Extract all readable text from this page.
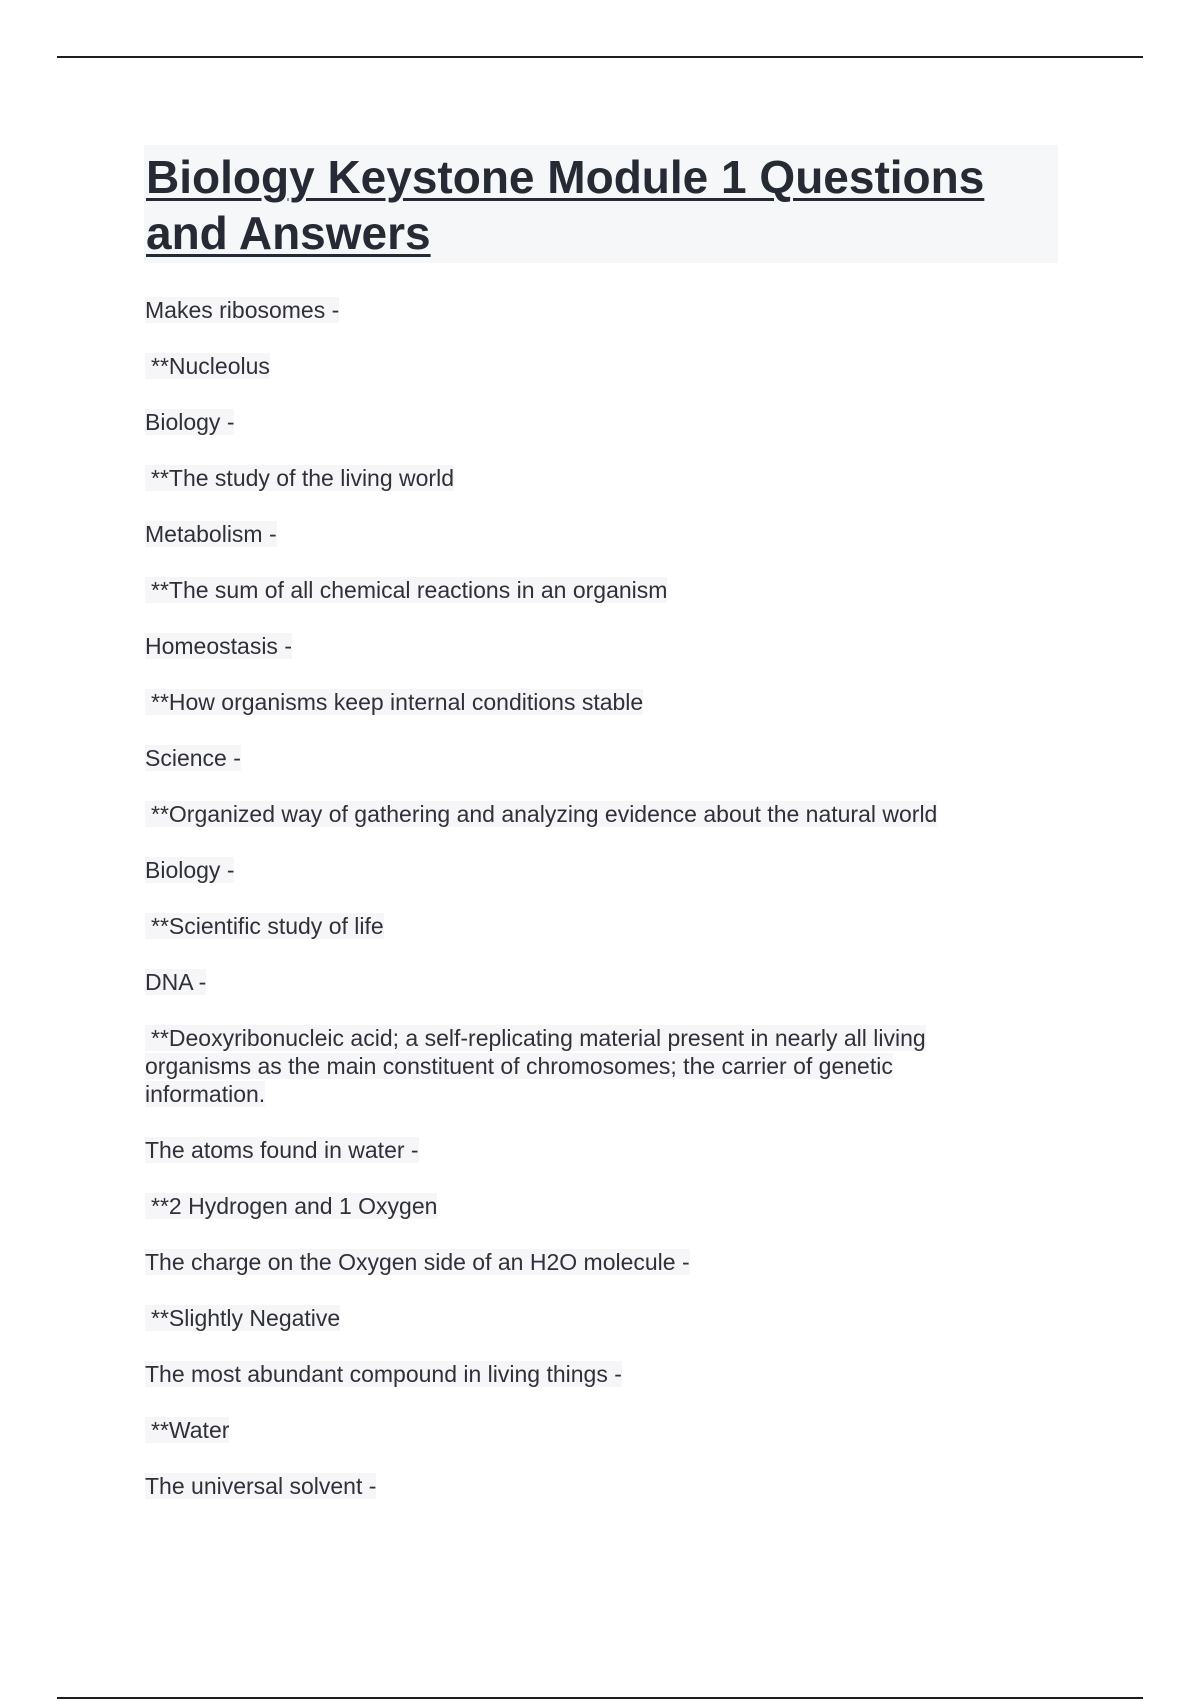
Biology Keystone Module 1 Questions and Answers

Makes ribosomes -

**Nucleolus

Biology -

**The study of the living world

Metabolism -

**The sum of all chemical reactions in an organism

Homeostasis -

**How organisms keep internal conditions stable

Science -

**Organized way of gathering and analyzing evidence about the natural world

Biology -

**Scientific study of life

DNA -

**Deoxyribonucleic acid; a self-replicating material present in nearly all living organisms as the main constituent of chromosomes; the carrier of genetic information.

The atoms found in water -

**2 Hydrogen and 1 Oxygen

The charge on the Oxygen side of an H2O molecule -

**Slightly Negative

The most abundant compound in living things -

**Water

The universal solvent -
